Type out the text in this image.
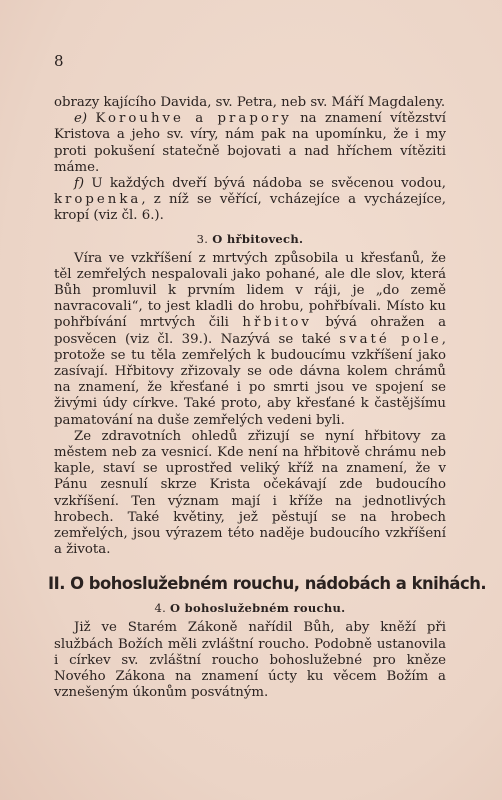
8

obrazy kajícího Davida, sv. Petra, neb sv. Máří Magdaleny.

e) Korouhve a prapory na znamení vítězství Kristova a jeho sv. víry, nám pak na upomínku, že i my proti pokušení statečně bojovati a nad hříchem vítěziti máme.

f) U každých dveří bývá nádoba se svěcenou vodou, kropenka, z níž se věřící, vcházejíce a vycházejíce, kropí (viz čl. 6.).

3. O hřbitovech.

Víra ve vzkříšení z mrtvých způsobila u křesťanů, že těl zemřelých nespalovali jako pohané, ale dle slov, která Bůh promluvil k prvním lidem v ráji, je „do země navracovali“, to jest kladli do hrobu, pohřbívali. Místo ku pohřbívání mrtvých čili hřbitov bývá ohražen a posvěcen (viz čl. 39.). Nazývá se také svaté pole, protože se tu těla zemřelých k budoucímu vzkříšení jako zasívají. Hřbitovy zřizovaly se ode dávna kolem chrámů na znamení, že křesťané i po smrti jsou ve spojení se živými údy církve. Také proto, aby křesťané k častějšímu pamatování na duše zemřelých vedeni byli.

Ze zdravotních ohledů zřizují se nyní hřbitovy za městem neb za vesnicí. Kde není na hřbitově chrámu neb kaple, staví se uprostřed veliký kříž na znamení, že v Pánu zesnulí skrze Krista očekávají zde budoucího vzkříšení. Ten význam mají i kříže na jednotlivých hrobech. Také květiny, jež pěstují se na hrobech zemřelých, jsou výrazem této naděje budoucího vzkříšení a života.

II. O bohoslužebném rouchu, nádobách a knihách.
4. O bohoslužebném rouchu.

Již ve Starém Zákoně nařídil Bůh, aby kněží při službách Božích měli zvláštní roucho. Podobně ustanovila i církev sv. zvláštní roucho bohoslužebné pro kněze Nového Zákona na znamení úcty ku věcem Božím a vznešeným úkonům posvátným.
